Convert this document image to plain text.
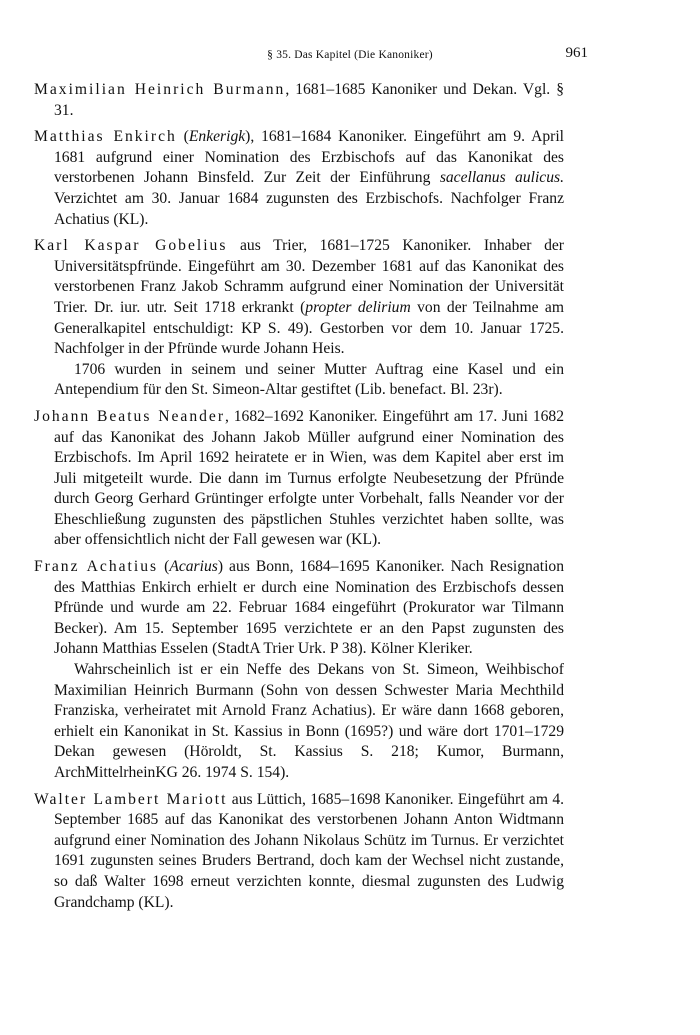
§ 35. Das Kapitel (Die Kanoniker)	961

Maximilian Heinrich Burmann, 1681–1685 Kanoniker und Dekan. Vgl. § 31.

Matthias Enkirch (Enkerigk), 1681–1684 Kanoniker. Eingeführt am 9. April 1681 aufgrund einer Nomination des Erzbischofs auf das Kanonikat des verstorbenen Johann Binsfeld. Zur Zeit der Einführung sacellanus aulicus. Verzichtet am 30. Januar 1684 zugunsten des Erzbischofs. Nachfolger Franz Achatius (KL).

Karl Kaspar Gobelius aus Trier, 1681–1725 Kanoniker. Inhaber der Universitätspfründe. Eingeführt am 30. Dezember 1681 auf das Kanonikat des verstorbenen Franz Jakob Schramm aufgrund einer Nomination der Universität Trier. Dr. iur. utr. Seit 1718 erkrankt (propter delirium von der Teilnahme am Generalkapitel entschuldigt: KP S. 49). Gestorben vor dem 10. Januar 1725. Nachfolger in der Pfründe wurde Johann Heis.

1706 wurden in seinem und seiner Mutter Auftrag eine Kasel und ein Antependium für den St. Simeon-Altar gestiftet (Lib. benefact. Bl. 23r).

Johann Beatus Neander, 1682–1692 Kanoniker. Eingeführt am 17. Juni 1682 auf das Kanonikat des Johann Jakob Müller aufgrund einer Nomination des Erzbischofs. Im April 1692 heiratete er in Wien, was dem Kapitel aber erst im Juli mitgeteilt wurde. Die dann im Turnus erfolgte Neubesetzung der Pfründe durch Georg Gerhard Grüntinger erfolgte unter Vorbehalt, falls Neander vor der Eheschließung zugunsten des päpstlichen Stuhles verzichtet haben sollte, was aber offensichtlich nicht der Fall gewesen war (KL).

Franz Achatius (Acarius) aus Bonn, 1684–1695 Kanoniker. Nach Resignation des Matthias Enkirch erhielt er durch eine Nomination des Erzbischofs dessen Pfründe und wurde am 22. Februar 1684 eingeführt (Prokurator war Tilmann Becker). Am 15. September 1695 verzichtete er an den Papst zugunsten des Johann Matthias Esselen (StadtA Trier Urk. P 38). Kölner Kleriker.

Wahrscheinlich ist er ein Neffe des Dekans von St. Simeon, Weihbischof Maximilian Heinrich Burmann (Sohn von dessen Schwester Maria Mechthild Franziska, verheiratet mit Arnold Franz Achatius). Er wäre dann 1668 geboren, erhielt ein Kanonikat in St. Kassius in Bonn (1695?) und wäre dort 1701–1729 Dekan gewesen (Höroldt, St. Kassius S. 218; Kumor, Burmann, ArchMittelrheinKG 26. 1974 S. 154).

Walter Lambert Mariott aus Lüttich, 1685–1698 Kanoniker. Eingeführt am 4. September 1685 auf das Kanonikat des verstorbenen Johann Anton Widtmann aufgrund einer Nomination des Johann Nikolaus Schütz im Turnus. Er verzichtet 1691 zugunsten seines Bruders Bertrand, doch kam der Wechsel nicht zustande, so daß Walter 1698 erneut verzichten konnte, diesmal zugunsten des Ludwig Grandchamp (KL).
